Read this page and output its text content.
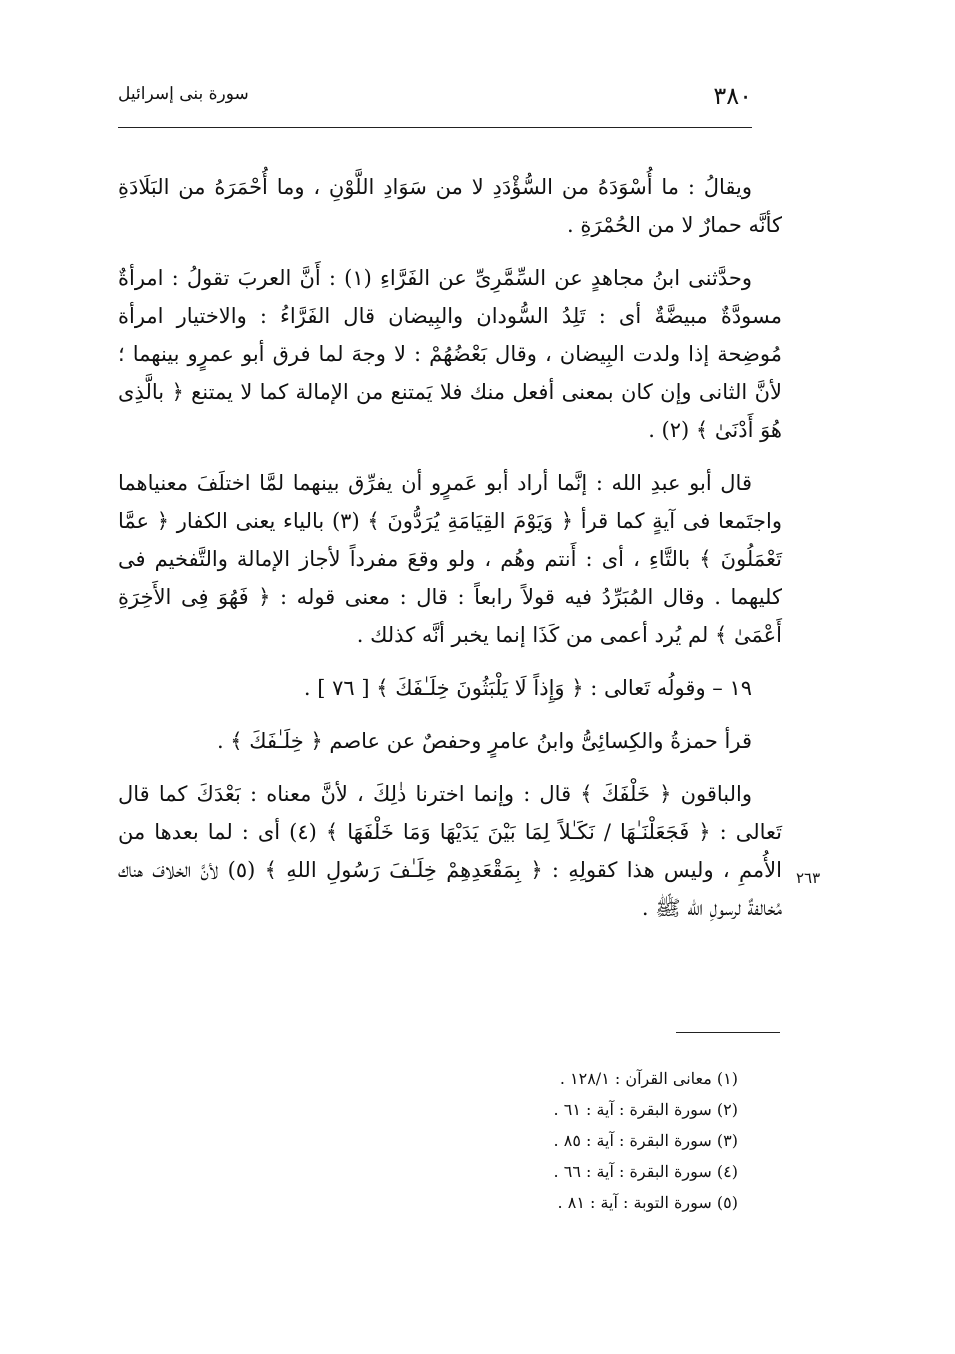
٣٨٠
سورة بنى إسرائيل

ويقالُ : ما أُسْوَدَهُ من السُّؤْدَدِ لا من سَوَادِ اللَّوْنِ ، وما أُحْمَرَهُ من البَلَادَةِ كأنَّه حمارٌ لا من الحُمْرَةِ .

وحدَّثنى ابنُ مجاهدٍ عن السِّمَّرِىِّ عن الفَرَّاءِ (١) : أَنَّ العربَ تقولُ : امرأةٌ مسودَّةٌ مبيضَّةٌ أى : تَلِدُ السُّودان والبِيضان قال الفَرَّاءُ : والاختيار امرأة مُوضِحة إذا ولدت البِيضان ، وقال بَعْضُهُمْ : لا وجهَ لما فرق أبو عمرٍو بينهما ؛ لأنَّ الثانى وإن كان بمعنى أفعل منك فلا يَمتنع من الإمالة كما لا يمتنع ﴿ بالَّذِى هُوَ أَدْنَىٰ ﴾ (٢) .

قال أبو عبدِ الله : إنَّما أراد أبو عَمرٍو أن يفرِّق بينهما لمَّا اختلَفَ معنياهما واجتَمعا فى آيةٍ كما قرأ ﴿ وَيَوْمَ القِيَامَةِ يُرَدُّونَ ﴾ (٣) بالياء يعنى الكفار ﴿ عمَّا تَعْمَلُونَ ﴾ بالتَّاءِ ، أى : أَنتم وهُم ، ولو وقعَ مفرداً لأجاز الإمالة والتَّفخيم فى كليهما . وقال المُبَرِّدُ فيه قولاً رابعاً : قال : معنى قوله : ﴿ فَهُوَ فِى الأَخِرَةِ أَعْمَىٰ ﴾ لم يُرد أعمى من كَذَا إنما يخبر أنَّه كذلك .

١٩ – وقولُه تَعالى : ﴿ وَإِذاً لَا يَلْبَثُونَ خِلَـٰفَكَ ﴾ [ ٧٦ ] .

قرأ حمزةُ والكِسائِىُّ وابنُ عامرٍ وحفصٌ عن عاصم ﴿ خِلَـٰفَكَ ﴾ .

والباقون ﴿ خَلْفَكَ ﴾ قال : وإنما اخترنا ذٰلِكَ ، لأنَّ معناه : بَعْدَكَ كما قال تَعالى : ﴿ فَجَعَلْنَـٰهَا / نَكَـٰلاً لِمَا بَيْنَ يَدَيْهَا وَمَا خَلْفَهَا ﴾ (٤) أى : لما بعدها من الأُممِ ، وليس هذا كقولِهِ : ﴿ بِمَقْعَدِهِمْ خِلَـٰفَ رَسُولِ اللهِ ﴾ (٥) لأنَّ الخلافَ هناك مُخالفةٌ لرسولِ الله ﷺ .

٢٦٣
(١) معانى القرآن : ١٢٨/١ .
(٢) سورة البقرة : آية : ٦١ .
(٣) سورة البقرة : آية : ٨٥ .
(٤) سورة البقرة : آية : ٦٦ .
(٥) سورة التوبة : آية : ٨١ .
